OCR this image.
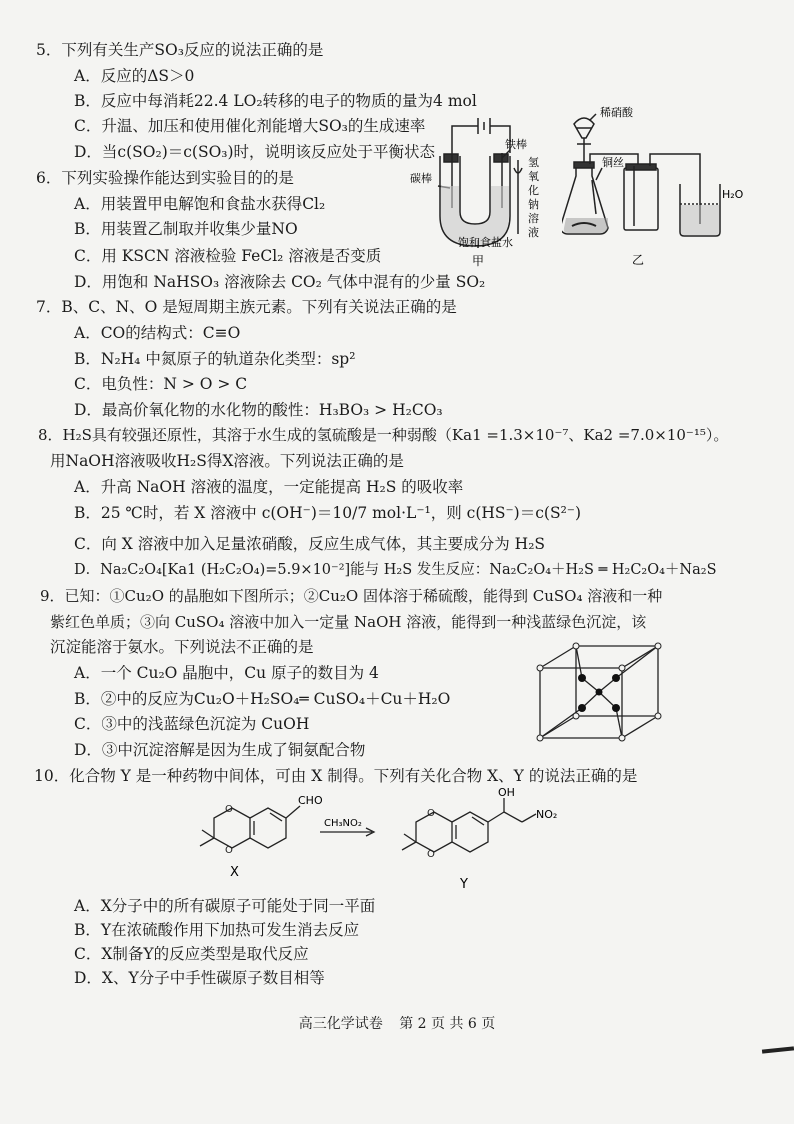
5．下列有关生产SO₃反应的说法正确的是
A．反应的ΔS＞0
B．反应中每消耗22.4 LO₂转移的电子的物质的量为4 mol
C．升温、加压和使用催化剂能增大SO₃的生成速率
D．当c(SO₂)＝c(SO₃)时，说明该反应处于平衡状态
6．下列实验操作能达到实验目的的是
A．用装置甲电解饱和食盐水获得Cl₂
B．用装置乙制取并收集少量NO
C．用 KSCN 溶液检验 FeCl₂ 溶液是否变质
D．用饱和 NaHSO₃ 溶液除去 CO₂ 气体中混有的少量 SO₂
碳棒
铁棒
氢
氧
化
钠
溶
液
饱和食盐水
甲
稀硝酸
铜丝
H₂O
乙
7．B、C、N、O 是短周期主族元素。下列有关说法正确的是
A．CO的结构式：C≡O
B．N₂H₄ 中氮原子的轨道杂化类型：sp²
C．电负性：N > O > C
D．最高价氧化物的水化物的酸性：H₃BO₃ > H₂CO₃
8．H₂S具有较强还原性，其溶于水生成的氢硫酸是一种弱酸（Ka1 =1.3×10⁻⁷、Ka2 =7.0×10⁻¹⁵）。
用NaOH溶液吸收H₂S得X溶液。下列说法正确的是
A．升高 NaOH 溶液的温度，一定能提高 H₂S 的吸收率
B．25 ℃时，若 X 溶液中 c(OH⁻)＝10/7 mol·L⁻¹，则 c(HS⁻)＝c(S²⁻)
C．向 X 溶液中加入足量浓硝酸，反应生成气体，其主要成分为 H₂S
D．Na₂C₂O₄[Ka1 (H₂C₂O₄)=5.9×10⁻²]能与 H₂S 发生反应：Na₂C₂O₄＋H₂S ═ H₂C₂O₄＋Na₂S
9．已知：①Cu₂O 的晶胞如下图所示；②Cu₂O 固体溶于稀硫酸，能得到 CuSO₄ 溶液和一种
紫红色单质；③向 CuSO₄ 溶液中加入一定量 NaOH 溶液，能得到一种浅蓝绿色沉淀，该
沉淀能溶于氨水。下列说法不正确的是
A．一个 Cu₂O 晶胞中，Cu 原子的数目为 4
B．②中的反应为Cu₂O＋H₂SO₄═ CuSO₄＋Cu＋H₂O
C．③中的浅蓝绿色沉淀为 CuOH
D．③中沉淀溶解是因为生成了铜氨配合物
10．化合物 Y 是一种药物中间体，可由 X 制得。下列有关化合物 X、Y 的说法正确的是
O
O
O
O
CHO
CH₃NO₂
OH
NO₂
X
Y
A．X分子中的所有碳原子可能处于同一平面
B．Y在浓硫酸作用下加热可发生消去反应
C．X制备Y的反应类型是取代反应
D．X、Y分子中手性碳原子数目相等
高三化学试卷 第 2 页 共 6 页
